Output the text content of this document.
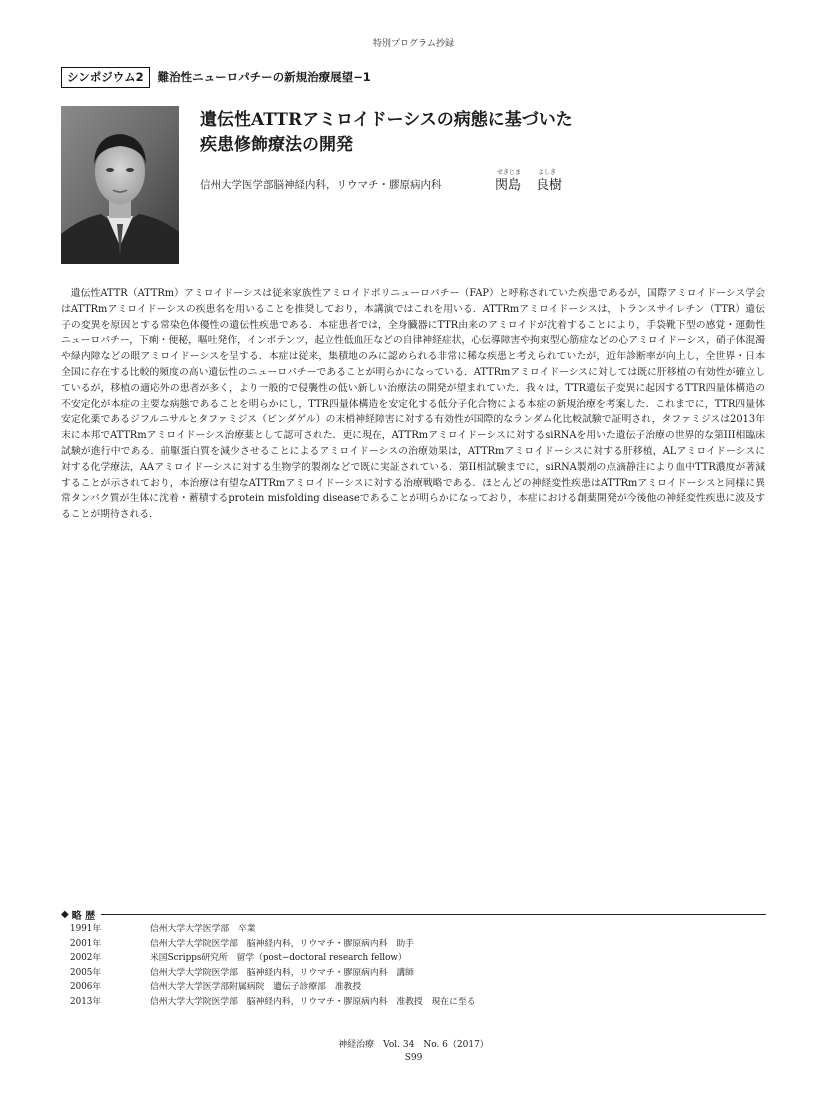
特別プログラム抄録
シンポジウム2	難治性ニューロパチーの新規治療展望−1
遺伝性ATTRアミロイドーシスの病態に基づいた
疾患修飾療法の開発
信州大学医学部脳神経内科，リウマチ・膠原病内科
せきじま	よしき
関島 良樹

遺伝性ATTR（ATTRm）アミロイドーシスは従来家族性アミロイドポリニューロパチー（FAP）と呼称されていた疾患であるが，国際アミロイドーシス学会はATTRmアミロイドーシスの疾患名を用いることを推奨しており，本講演ではこれを用いる．ATTRmアミロイドーシスは，トランスサイレチン（TTR）遺伝子の変異を原因とする常染色体優性の遺伝性疾患である．本症患者では，全身臓器にTTR由来のアミロイドが沈着することにより，手袋靴下型の感覚・運動性ニューロパチー，下痢・便秘，嘔吐発作，インポテンツ，起立性低血圧などの自律神経症状，心伝導障害や拘束型心筋症などの心アミロイドーシス，硝子体混濁や緑内障などの眼アミロイドーシスを呈する．本症は従来，集積地のみに認められる非常に稀な疾患と考えられていたが，近年診断率が向上し，全世界・日本全国に存在する比較的頻度の高い遺伝性のニューロパチーであることが明らかになっている．ATTRmアミロイドーシスに対しては既に肝移植の有効性が確立しているが，移植の適応外の患者が多く，より一般的で侵襲性の低い新しい治療法の開発が望まれていた．我々は，TTR遺伝子変異に起因するTTR四量体構造の不安定化が本症の主要な病態であることを明らかにし，TTR四量体構造を安定化する低分子化合物による本症の新規治療を考案した．これまでに，TTR四量体安定化薬であるジフルニサルとタファミジス（ビンダゲル）の末梢神経障害に対する有効性が国際的なランダム化比較試験で証明され，タファミジスは2013年末に本邦でATTRmアミロイドーシス治療薬として認可された．更に現在，ATTRmアミロイドーシスに対するsiRNAを用いた遺伝子治療の世界的な第III相臨床試験が進行中である．前駆蛋白質を減少させることによるアミロイドーシスの治療効果は，ATTRmアミロイドーシスに対する肝移植，ALアミロイドーシスに対する化学療法，AAアミロイドーシスに対する生物学的製剤などで既に実証されている．第II相試験までに，siRNA製剤の点滴静注により血中TTR濃度が著減することが示されており，本治療は有望なATTRmアミロイドーシスに対する治療戦略である．ほとんどの神経変性疾患はATTRmアミロイドーシスと同様に異常タンパク質が生体に沈着・蓄積するprotein misfolding diseaseであることが明らかになっており，本症における創薬開発が今後他の神経変性疾患に波及することが期待される．

◆ 略 歴
1991年	信州大学大学医学部　卒業
2001年	信州大学大学院医学部　脳神経内科，リウマチ・膠原病内科　助手
2002年	米国Scripps研究所　留学（post−doctoral research fellow）
2005年	信州大学大学院医学部　脳神経内科，リウマチ・膠原病内科　講師
2006年	信州大学大学医学部附属病院　遺伝子診療部　准教授
2013年	信州大学大学院医学部　脳神経内科，リウマチ・膠原病内科　准教授　現在に至る
神経治療　Vol. 34　No. 6（2017）
S99
